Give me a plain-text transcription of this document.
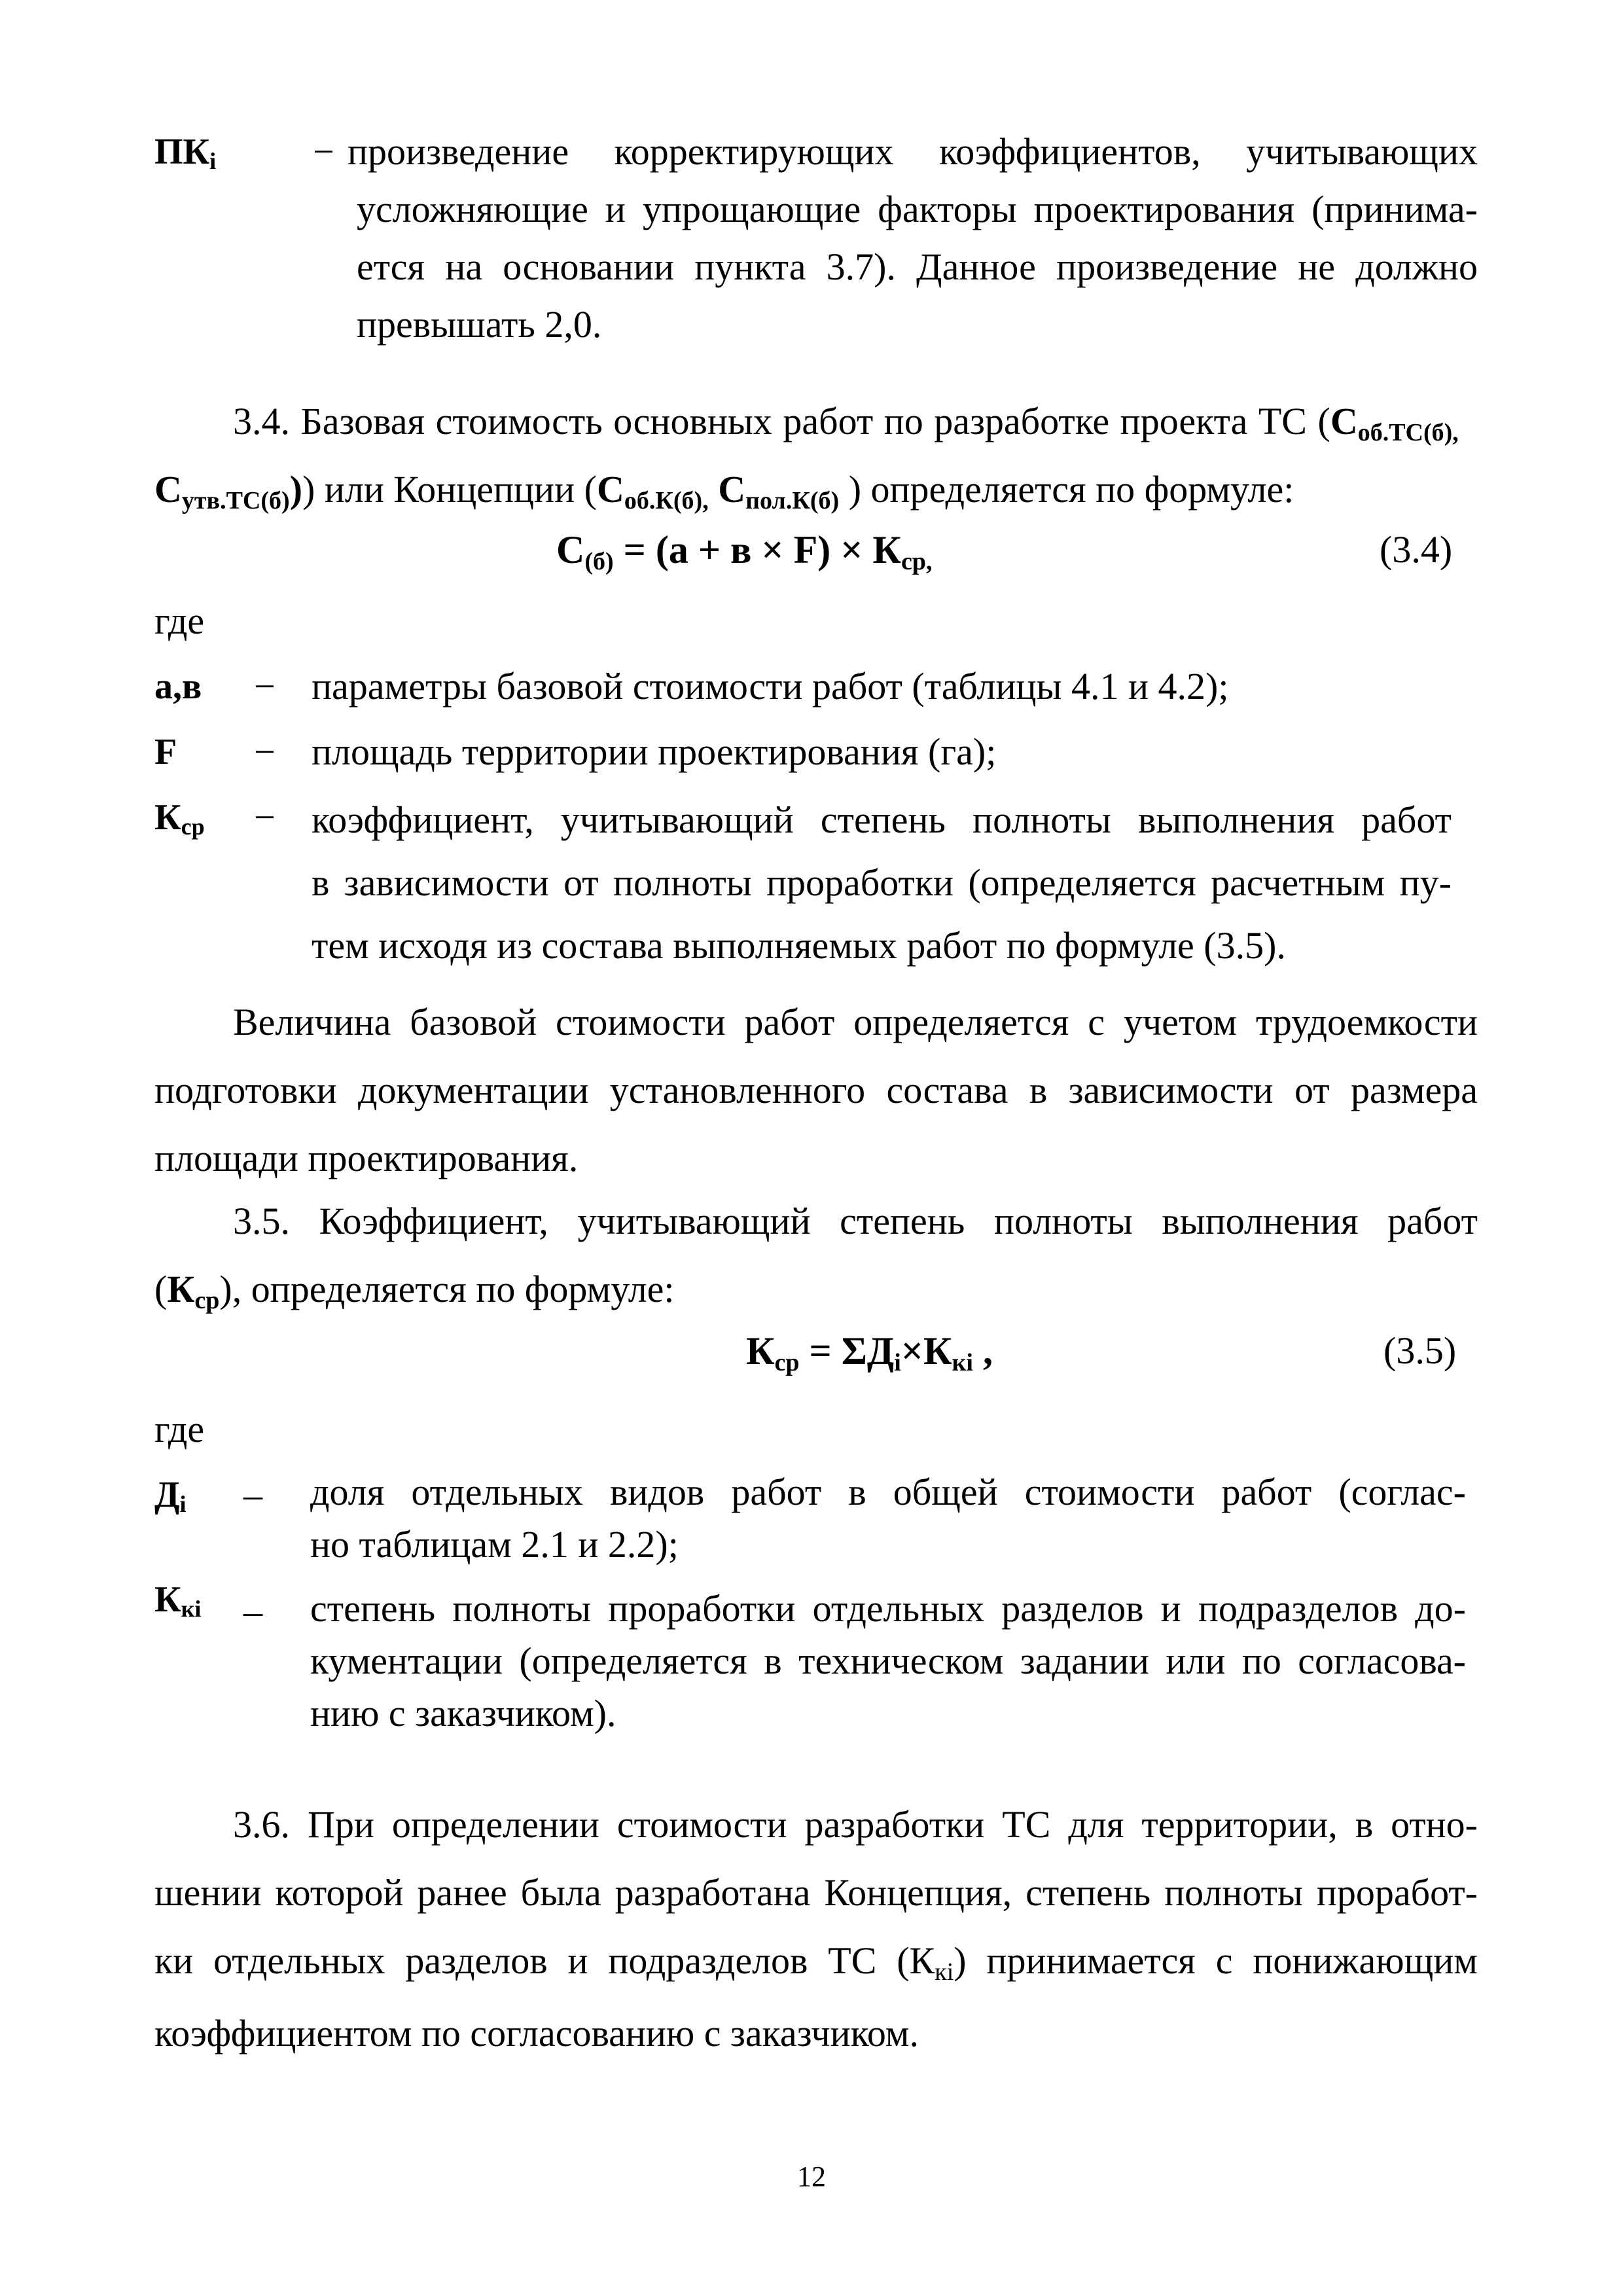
$ПК_i$	− произведение корректирующих коэффициентов, учитывающих
усложняющие и упрощающие факторы проектирования (принима-
ется на основании пункта 3.7). Данное произведение не должно
превышать 2,0.
3.4. Базовая стоимость основных работ по разработке проекта ТС (Соб.ТС(б),
Сутв.ТС(б))) или Концепции (Соб.К(б), Спол.К(б) ) определяется по формуле:
С(б) = (а + в × F) × Кср,	(3.4)
где
а,в − параметры базовой стоимости работ (таблицы 4.1 и 4.2);
F − площадь территории проектирования (га);
$К_{ср}$ − коэффициент, учитывающий степень полноты выполнения работ
в зависимости от полноты проработки (определяется расчетным пу-
тем исходя из состава выполняемых работ по формуле (3.5).
Величина базовой стоимости работ определяется с учетом трудоемкости
подготовки документации установленного состава в зависимости от размера
площади проектирования.
3.5. Коэффициент, учитывающий степень полноты выполнения работ
(Кср), определяется по формуле:
Кср = ΣДi×Ккi ,	(3.5)
где
$Д_i$ – доля отдельных видов работ в общей стоимости работ (соглас-
но таблицам 2.1 и 2.2);
$К_{кi}$ – степень полноты проработки отдельных разделов и подразделов до-
кументации (определяется в техническом задании или по согласова-
нию с заказчиком).
3.6. При определении стоимости разработки ТС для территории, в отно-
шении которой ранее была разработана Концепция, степень полноты проработ-
ки отдельных разделов и подразделов ТС (Ккi) принимается с понижающим
коэффициентом по согласованию с заказчиком.
12
